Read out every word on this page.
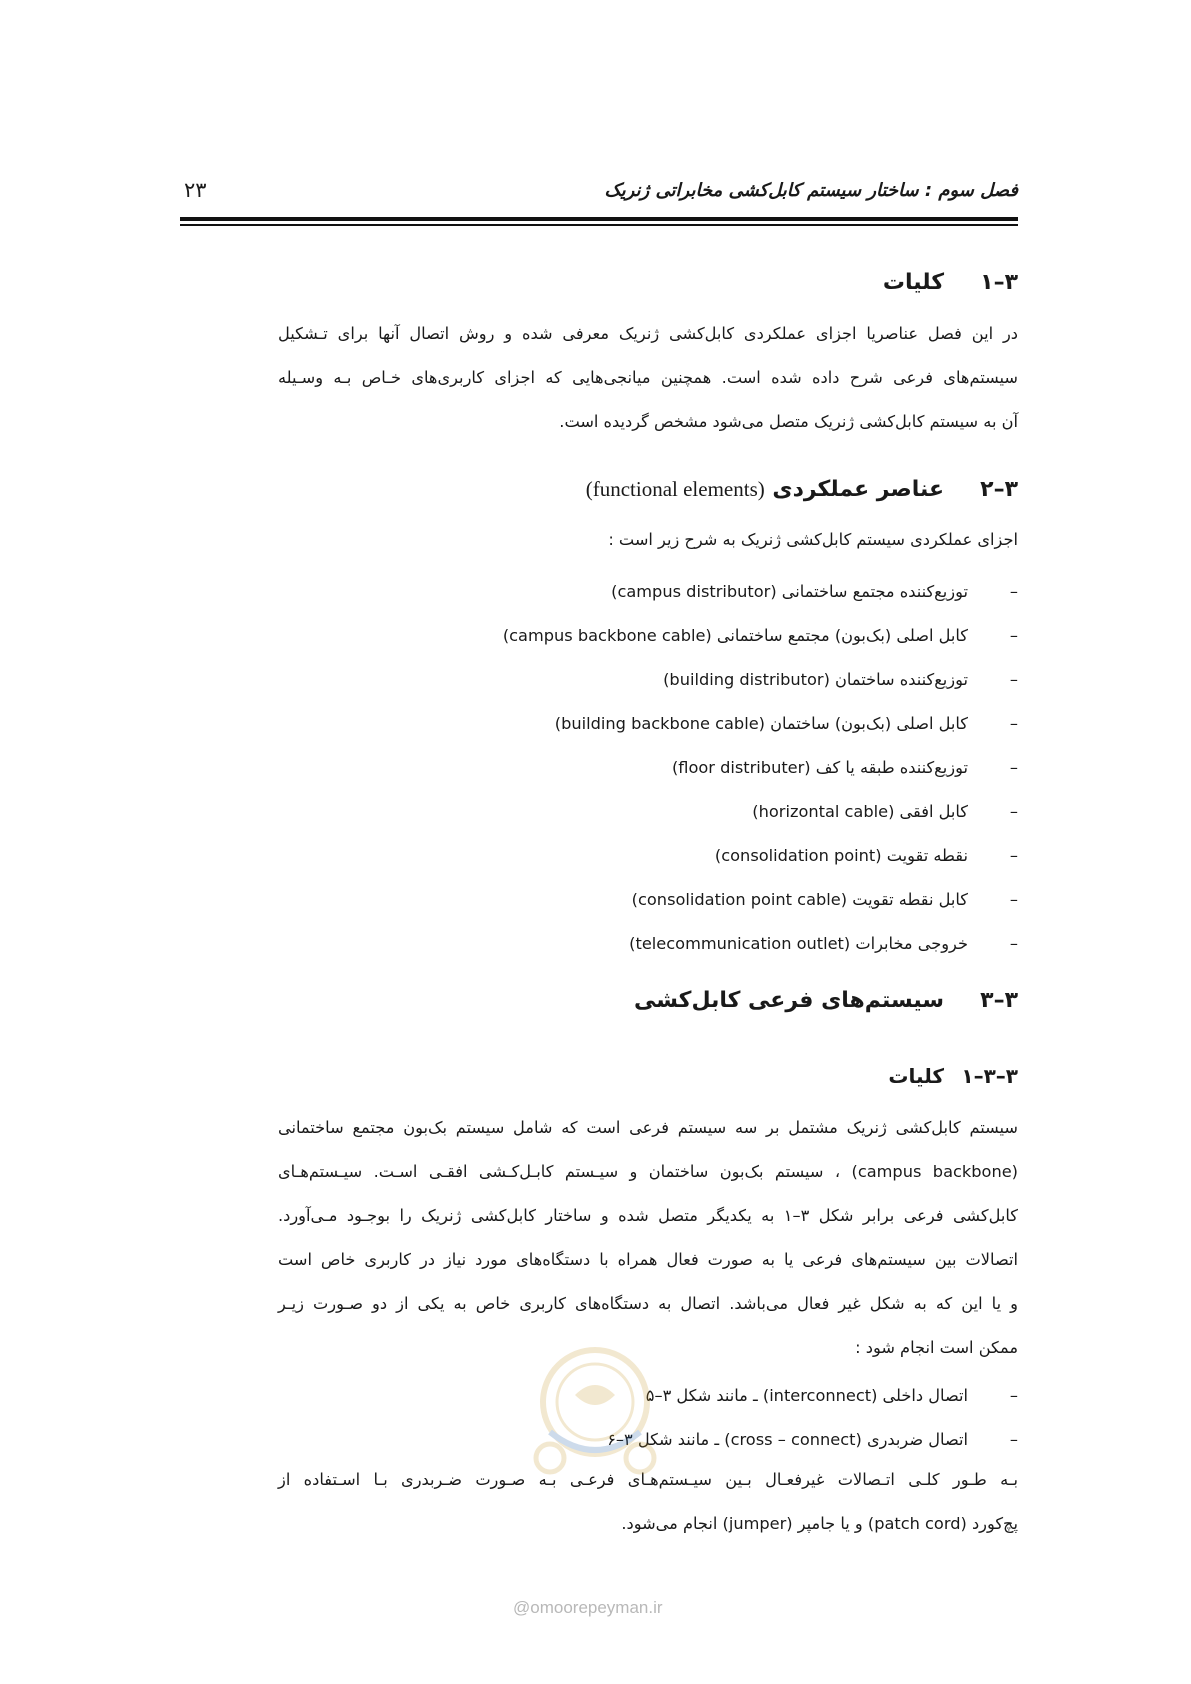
فصل سوم : ساختار سیستم کابل‌کشی مخابراتی ژنریک
۲۳
۳–۱کلیات
در این فصل عناصریا اجزای عملکردی کابل‌کشی ژنریک معرفی شده و روش اتصال آنها برای تـشکیل
سیستم‌های فرعی شرح داده شده است. همچنین میانجی‌هایی که اجزای کاربری‌های خـاص بـه وسـیله
آن به سیستم کابل‌کشی ژنریک متصل می‌شود مشخص گردیده است.
۳–۲عناصر عملکردی (functional elements)
اجزای عملکردی سیستم کابل‌کشی ژنریک به شرح زیر است :
–
توزیع‌کننده مجتمع ساختمانی (campus distributor)
–
کابل اصلی (بک‌بون) مجتمع ساختمانی (campus backbone cable)
–
توزیع‌کننده ساختمان (building distributor)
–
کابل اصلی (بک‌بون) ساختمان (building backbone cable)
–
توزیع‌کننده طبقه یا کف (floor distributer)
–
کابل افقی (horizontal cable)
–
نقطه تقویت (consolidation point)
–
کابل نقطه تقویت (consolidation point cable)
–
خروجی مخابرات (telecommunication outlet)
۳–۳سیستم‌های فرعی کابل‌کشی
۳–۳–۱کلیات
سیستم کابل‌کشی ژنریک مشتمل بر سه سیستم فرعی است که شامل سیستم بک‌بون مجتمع ساختمانی
(campus backbone) ، سیستم بک‌بون ساختمان و سیـستم کابـل‌کـشی افقـی اسـت. سیـستم‌هـای
کابل‌کشی فرعی برابر شکل ۳–۱ به یکدیگر متصل شده و ساختار کابل‌کشی ژنریک را بوجـود مـی‌آورد.
اتصالات بین سیستم‌های فرعی یا به صورت فعال همراه با دستگاه‌های مورد نیاز در کاربری خاص است
و یا این که به شکل غیر فعال می‌باشد. اتصال به دستگاه‌های کاربری خاص به یکی از دو صـورت زیـر
ممکن است انجام شود :
–
اتصال داخلی (interconnect) ـ مانند شکل ۳–۵
–
اتصال ضربدری (cross – connect) ـ مانند شکل ۳–۶
بـه طـور کلـی اتـصالات غیرفعـال بـین سیـستم‌هـای فرعـی بـه صـورت ضـربدری بـا اسـتفاده از
پچ‌کورد (patch cord) و یا جامپر (jumper) انجام می‌شود.
@omoorepeyman.ir
